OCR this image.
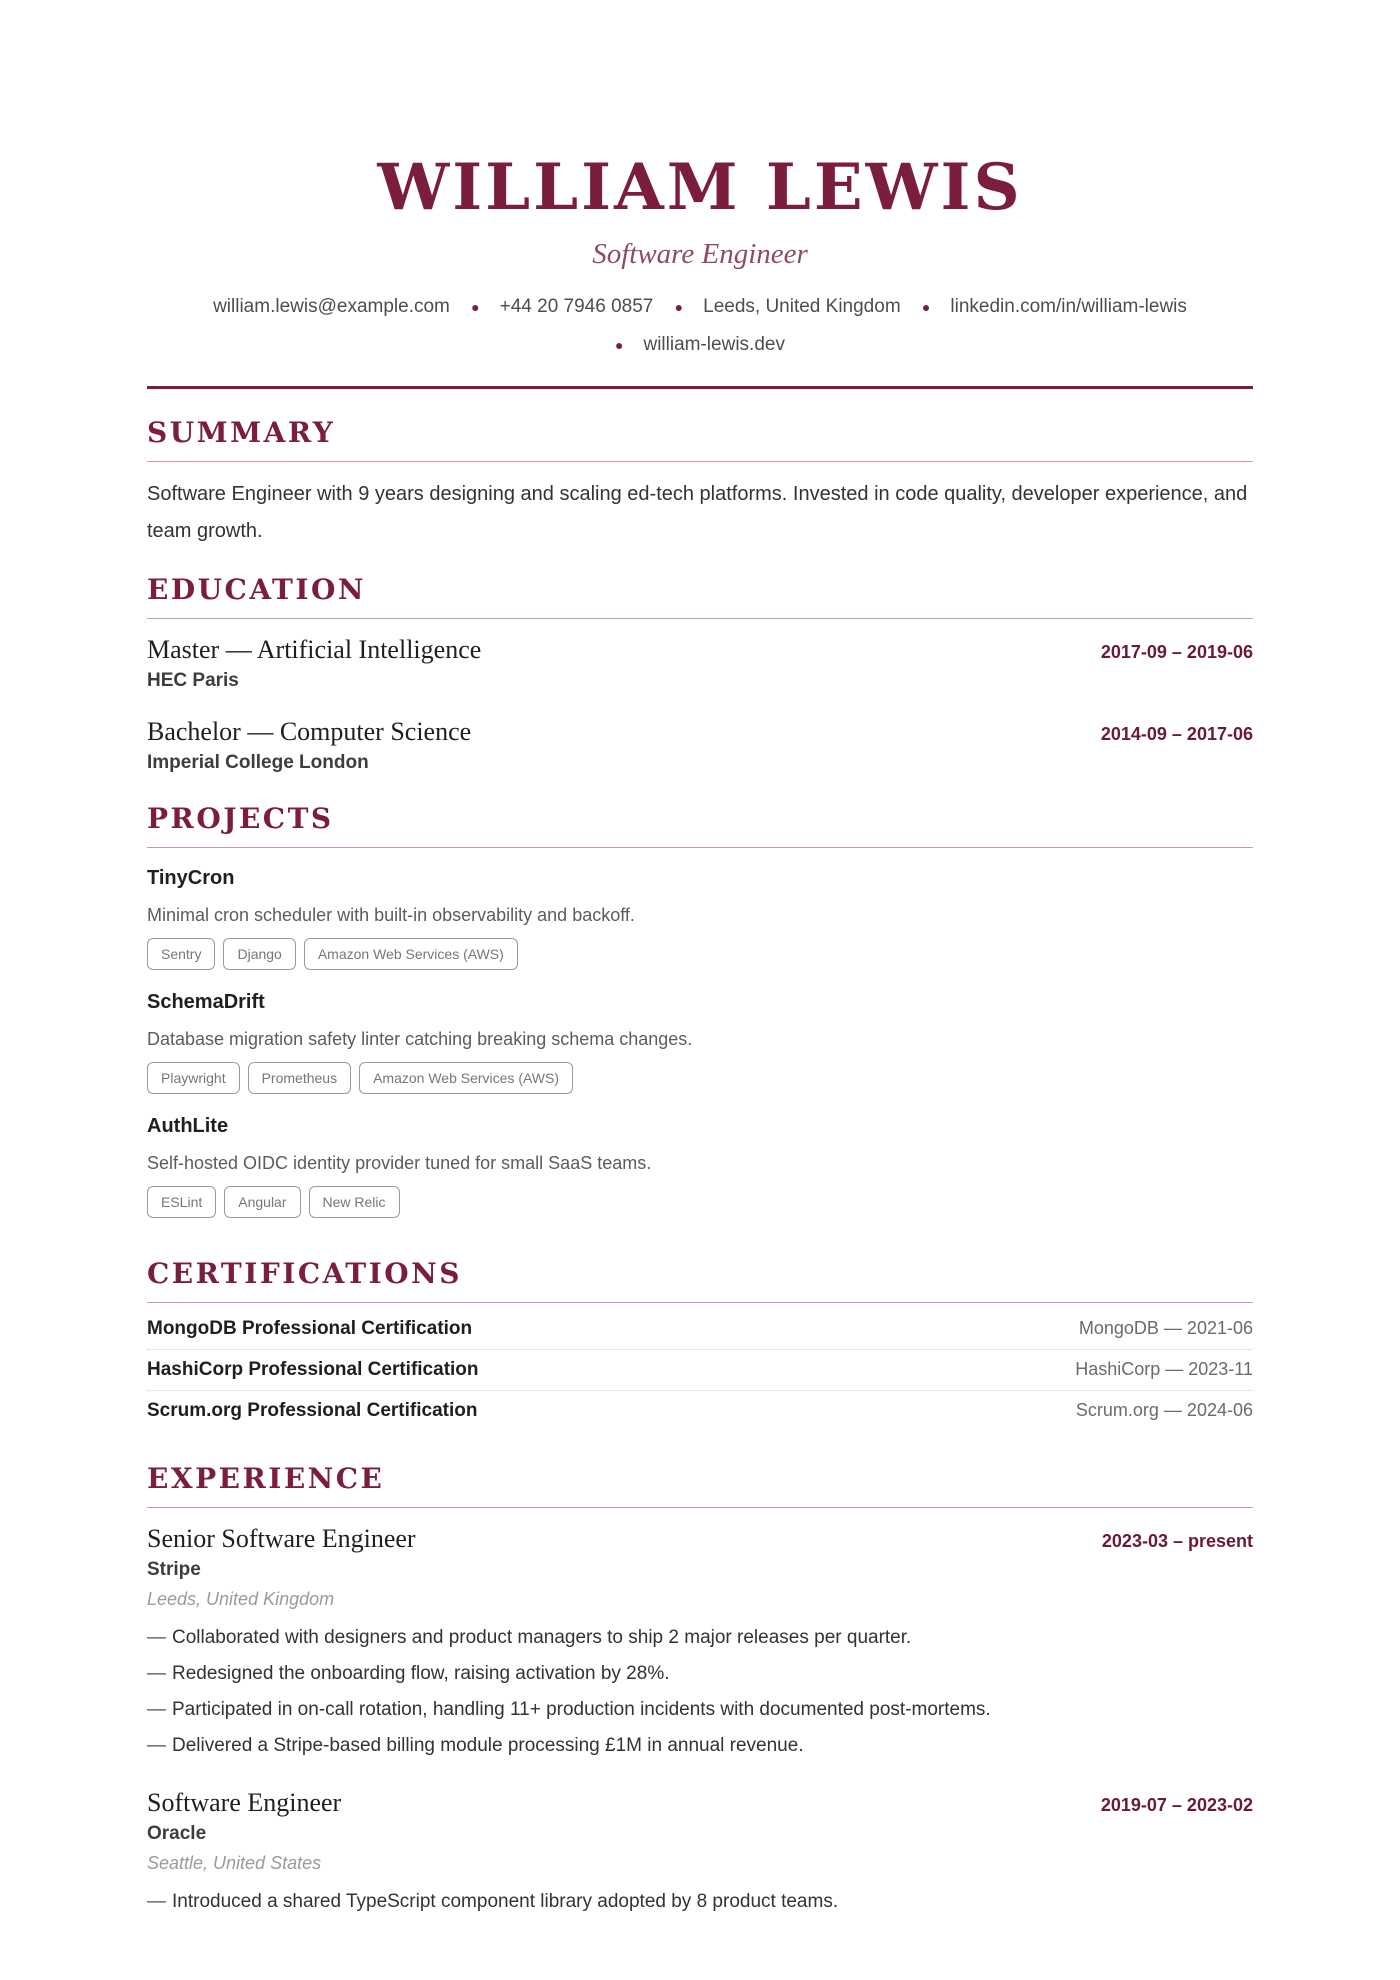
WILLIAM LEWIS
Software Engineer
william.lewis@example.com ● +44 20 7946 0857 ● Leeds, United Kingdom ● linkedin.com/in/william-lewis
● william-lewis.dev
SUMMARY
Software Engineer with 9 years designing and scaling ed-tech platforms. Invested in code quality, developer experience, and team growth.
EDUCATION
Master — Artificial Intelligence	2017-09 – 2019-06
HEC Paris
Bachelor — Computer Science	2014-09 – 2017-06
Imperial College London
PROJECTS
TinyCron
Minimal cron scheduler with built-in observability and backoff.
Sentry	Django	Amazon Web Services (AWS)
SchemaDrift
Database migration safety linter catching breaking schema changes.
Playwright	Prometheus	Amazon Web Services (AWS)
AuthLite
Self-hosted OIDC identity provider tuned for small SaaS teams.
ESLint	Angular	New Relic
CERTIFICATIONS
MongoDB Professional Certification	MongoDB — 2021-06
HashiCorp Professional Certification	HashiCorp — 2023-11
Scrum.org Professional Certification	Scrum.org — 2024-06
EXPERIENCE
Senior Software Engineer	2023-03 – present
Stripe
Leeds, United Kingdom
— Collaborated with designers and product managers to ship 2 major releases per quarter.
— Redesigned the onboarding flow, raising activation by 28%.
— Participated in on-call rotation, handling 11+ production incidents with documented post-mortems.
— Delivered a Stripe-based billing module processing £1M in annual revenue.
Software Engineer	2019-07 – 2023-02
Oracle
Seattle, United States
— Introduced a shared TypeScript component library adopted by 8 product teams.
